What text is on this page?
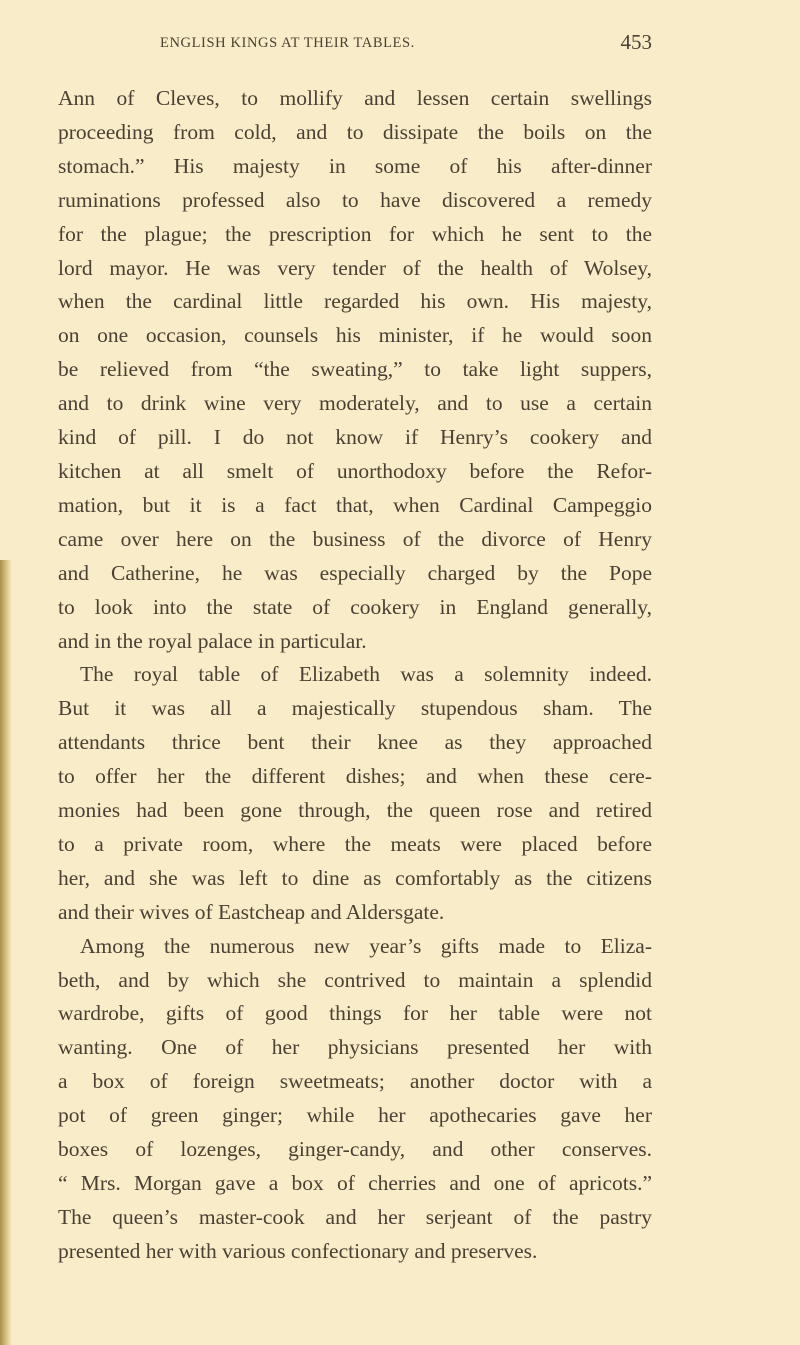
ENGLISH KINGS AT THEIR TABLES.	453
Ann of Cleves, to mollify and lessen certain swellings
proceeding from cold, and to dissipate the boils on the
stomach.” His majesty in some of his after-dinner
ruminations professed also to have discovered a remedy
for the plague; the prescription for which he sent to the
lord mayor. He was very tender of the health of Wolsey,
when the cardinal little regarded his own. His majesty,
on one occasion, counsels his minister, if he would soon
be relieved from “the sweating,” to take light suppers,
and to drink wine very moderately, and to use a certain
kind of pill. I do not know if Henry’s cookery and
kitchen at all smelt of unorthodoxy before the Refor-
mation, but it is a fact that, when Cardinal Campeggio
came over here on the business of the divorce of Henry
and Catherine, he was especially charged by the Pope
to look into the state of cookery in England generally,
and in the royal palace in particular.
The royal table of Elizabeth was a solemnity indeed.
But it was all a majestically stupendous sham. The
attendants thrice bent their knee as they approached
to offer her the different dishes; and when these cere-
monies had been gone through, the queen rose and retired
to a private room, where the meats were placed before
her, and she was left to dine as comfortably as the citizens
and their wives of Eastcheap and Aldersgate.
Among the numerous new year’s gifts made to Eliza-
beth, and by which she contrived to maintain a splendid
wardrobe, gifts of good things for her table were not
wanting. One of her physicians presented her with
a box of foreign sweetmeats; another doctor with a
pot of green ginger; while her apothecaries gave her
boxes of lozenges, ginger-candy, and other conserves.
“ Mrs. Morgan gave a box of cherries and one of apricots.”
The queen’s master-cook and her serjeant of the pastry
presented her with various confectionary and preserves.
